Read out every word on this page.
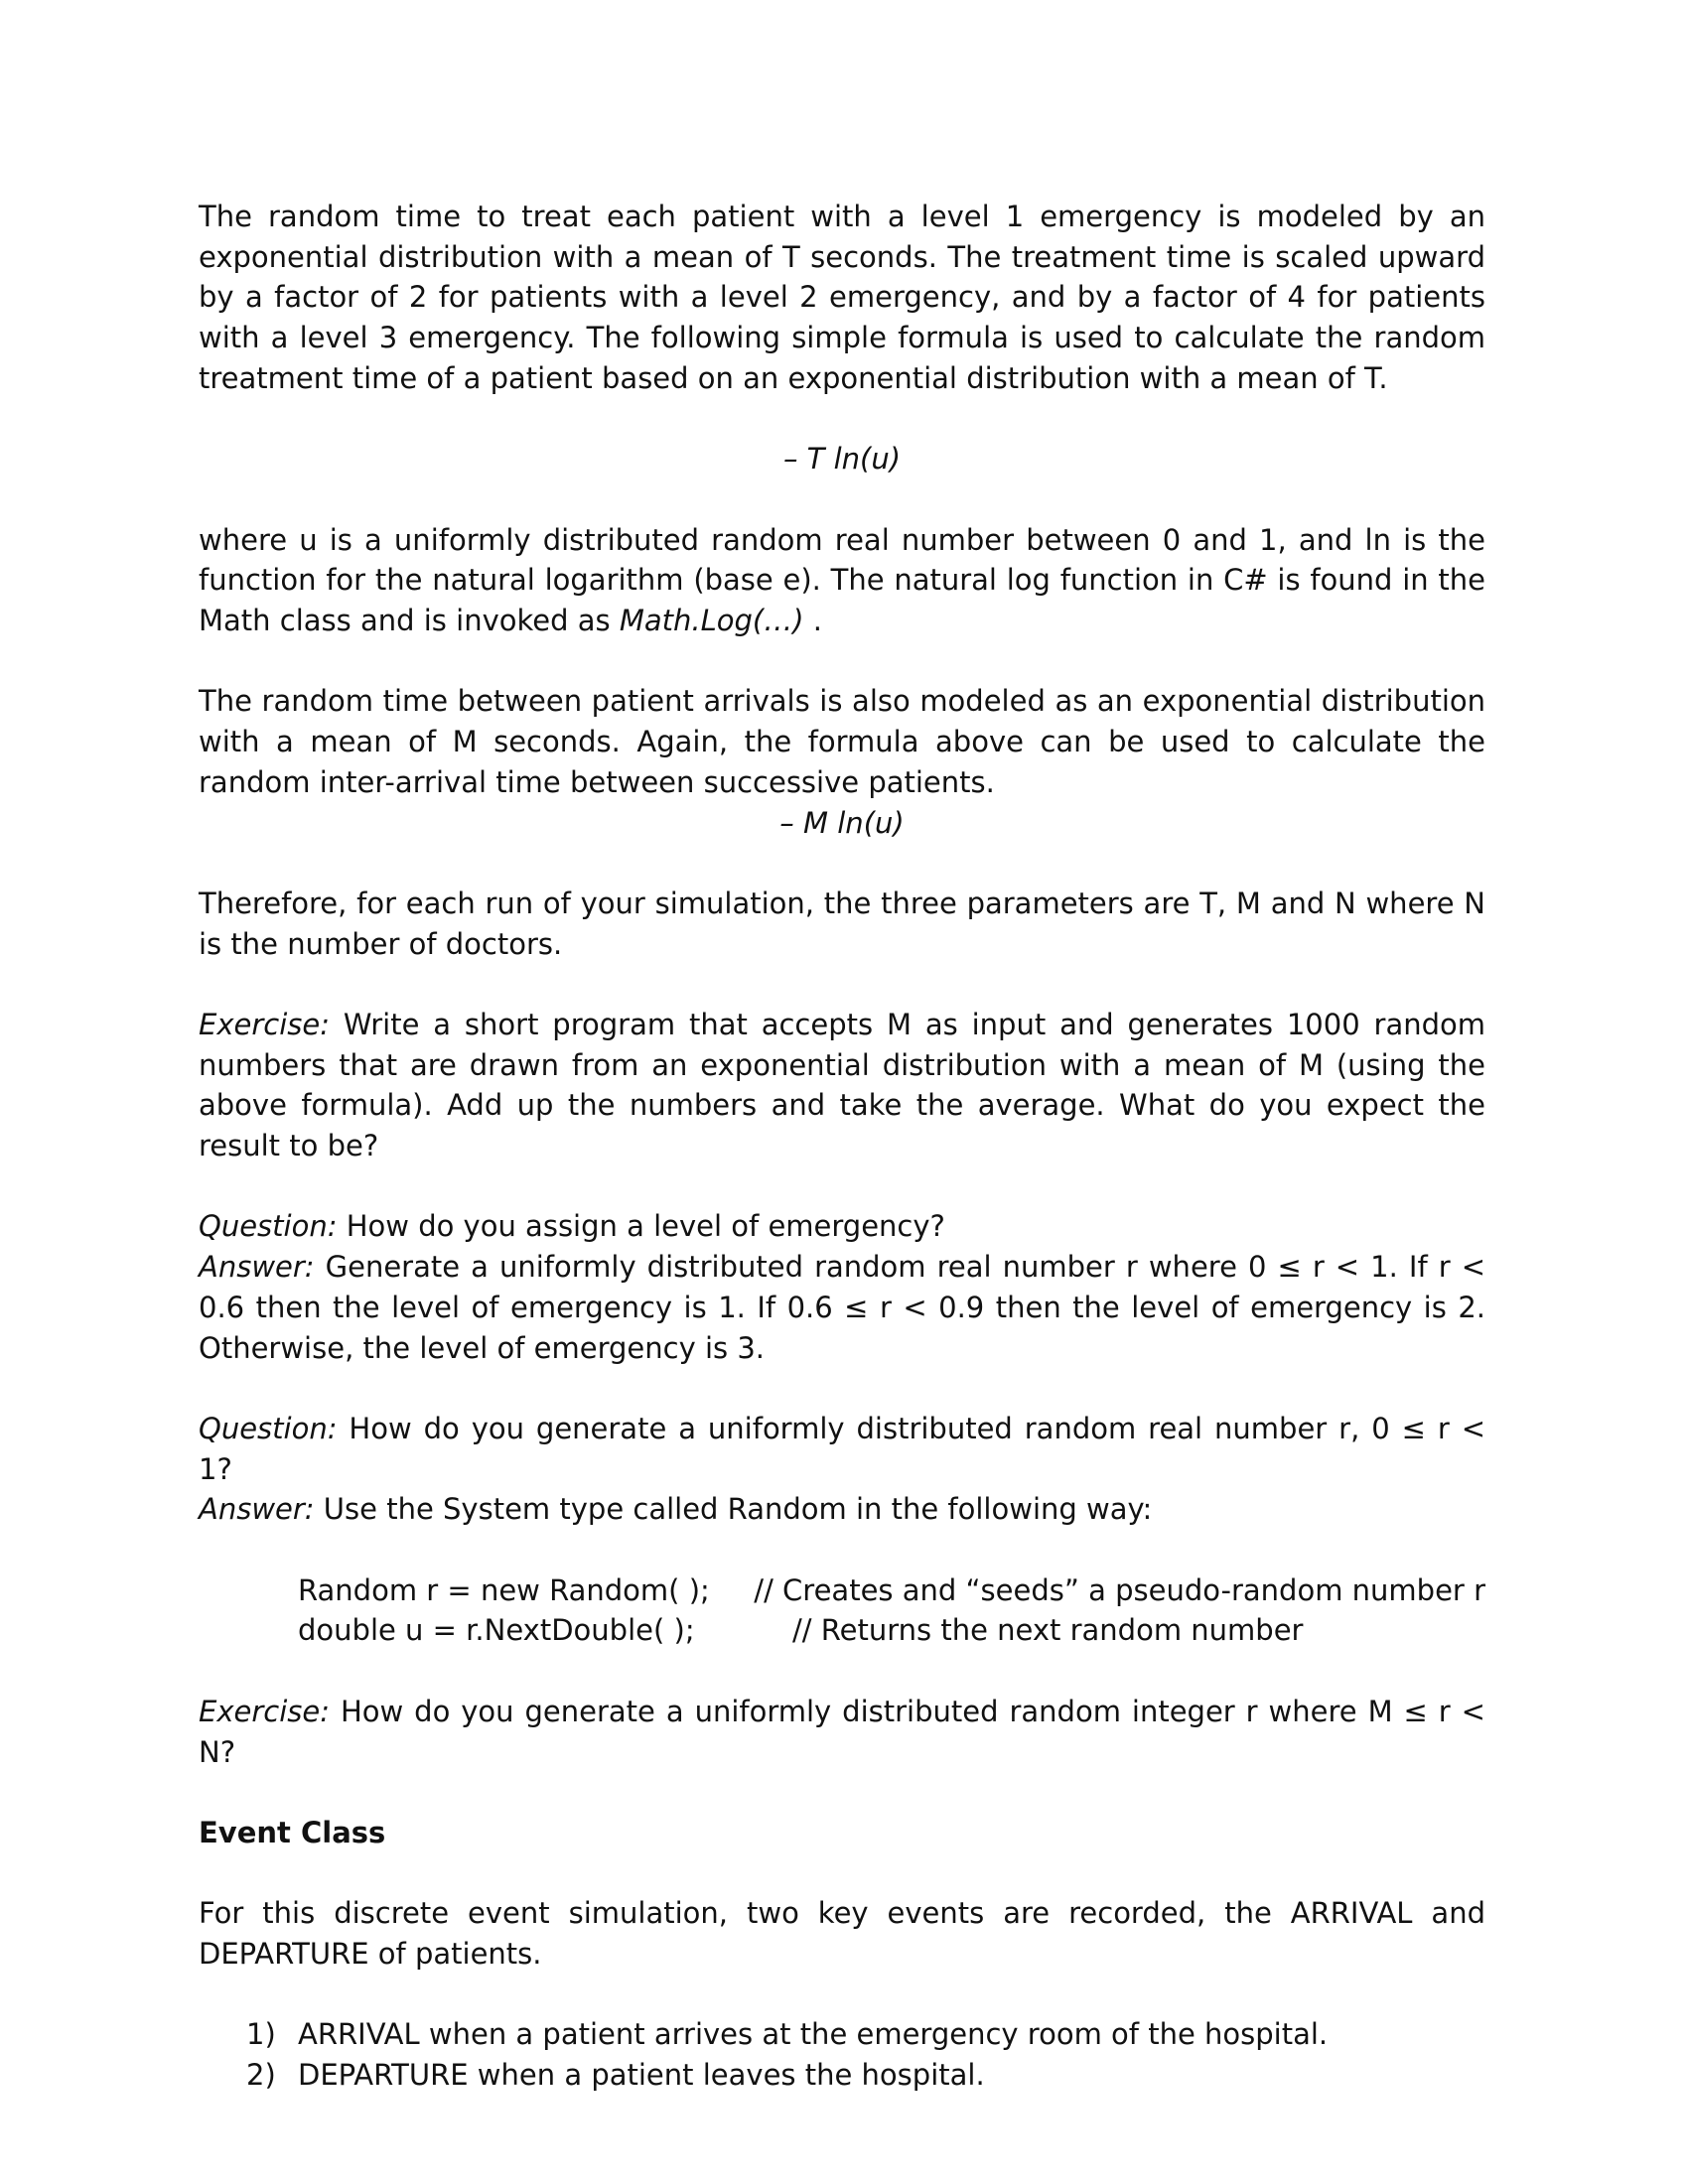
The random time to treat each patient with a level 1 emergency is modeled by an exponential distribution with a mean of T seconds. The treatment time is scaled upward by a factor of 2 for patients with a level 2 emergency, and by a factor of 4 for patients with a level 3 emergency. The following simple formula is used to calculate the random treatment time of a patient based on an exponential distribution with a mean of T.

– T ln(u)

where u is a uniformly distributed random real number between 0 and 1, and ln is the function for the natural logarithm (base e). The natural log function in C# is found in the Math class and is invoked as Math.Log(…) .

The random time between patient arrivals is also modeled as an exponential distribution with a mean of M seconds. Again, the formula above can be used to calculate the random inter-arrival time between successive patients.

– M ln(u)

Therefore, for each run of your simulation, the three parameters are T, M and N where N is the number of doctors.

Exercise: Write a short program that accepts M as input and generates 1000 random numbers that are drawn from an exponential distribution with a mean of M (using the above formula). Add up the numbers and take the average. What do you expect the result to be?

Question: How do you assign a level of emergency?

Answer: Generate a uniformly distributed random real number r where 0 ≤ r < 1. If r < 0.6 then the level of emergency is 1. If 0.6 ≤ r < 0.9 then the level of emergency is 2. Otherwise, the level of emergency is 3.

Question: How do you generate a uniformly distributed random real number r, 0 ≤ r < 1?

Answer: Use the System type called Random in the following way:

Random r = new Random( );	// Creates and “seeds” a pseudo-random number r
double u = r.NextDouble( );	// Returns the next random number

Exercise: How do you generate a uniformly distributed random integer r where M ≤ r < N?

Event Class

For this discrete event simulation, two key events are recorded, the ARRIVAL and DEPARTURE of patients.

1) ARRIVAL when a patient arrives at the emergency room of the hospital.
2) DEPARTURE when a patient leaves the hospital.
